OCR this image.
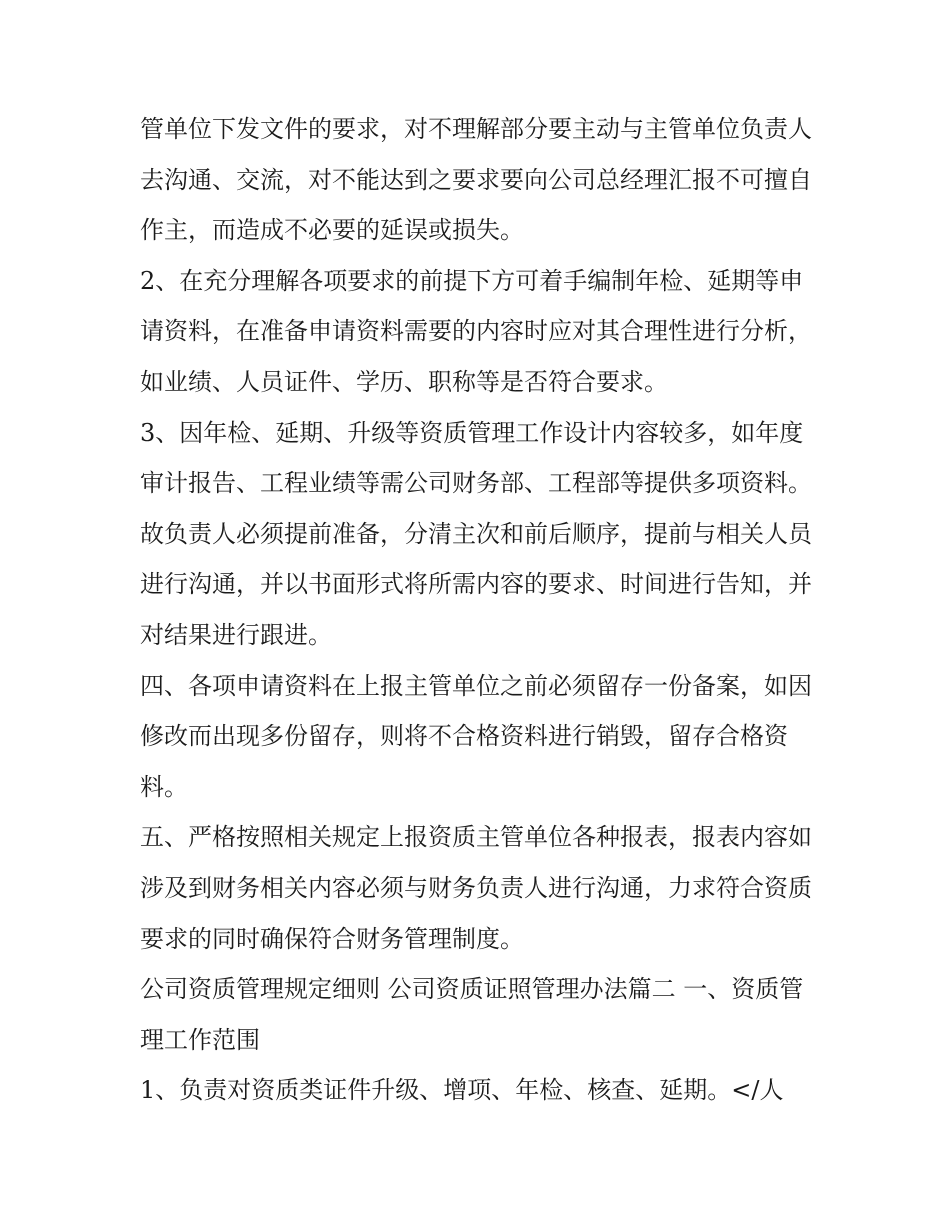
管单位下发文件的要求，对不理解部分要主动与主管单位负责人去沟通、交流，对不能达到之要求要向公司总经理汇报不可擅自作主，而造成不必要的延误或损失。

2、在充分理解各项要求的前提下方可着手编制年检、延期等申请资料，在准备申请资料需要的内容时应对其合理性进行分析，如业绩、人员证件、学历、职称等是否符合要求。

3、因年检、延期、升级等资质管理工作设计内容较多，如年度审计报告、工程业绩等需公司财务部、工程部等提供多项资料。故负责人必须提前准备，分清主次和前后顺序，提前与相关人员进行沟通，并以书面形式将所需内容的要求、时间进行告知，并对结果进行跟进。

四、各项申请资料在上报主管单位之前必须留存一份备案，如因修改而出现多份留存，则将不合格资料进行销毁，留存合格资料。

五、严格按照相关规定上报资质主管单位各种报表，报表内容如涉及到财务相关内容必须与财务负责人进行沟通，力求符合资质要求的同时确保符合财务管理制度。

公司资质管理规定细则 公司资质证照管理办法篇二 一、资质管理工作范围

1、负责对资质类证件升级、增项、年检、核查、延期。</人
